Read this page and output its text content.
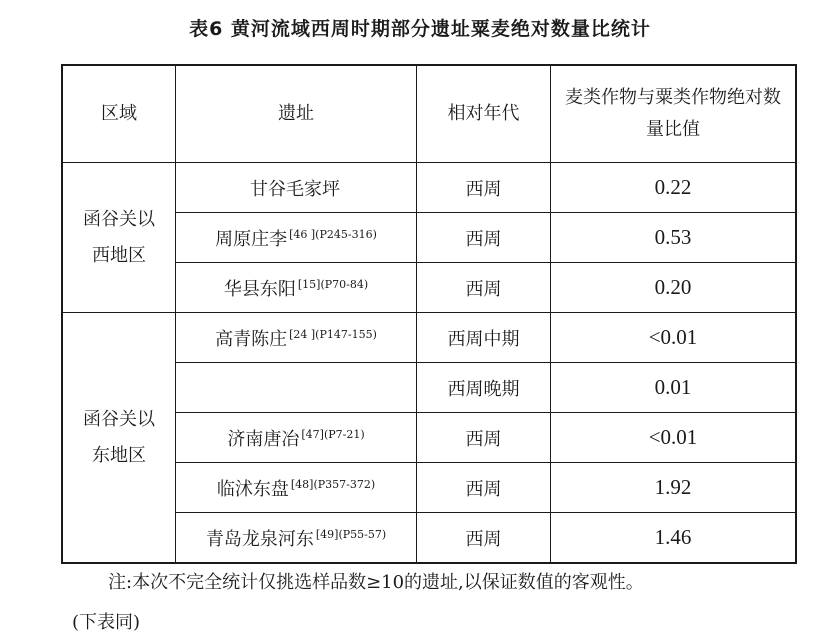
表6 黄河流域西周时期部分遗址粟麦绝对数量比统计
区域	遗址	相对年代	麦类作物与粟类作物绝对数量比值

函谷关以西地区	甘谷毛家坪	西周	0.22
	周原庄李 $^{[46 ](P245-316)}$	西周	0.53
	华县东阳 $^{[15](P70-84)}$	西周	0.20

函谷关以东地区	高青陈庄 $^{[24 ](P147-155)}$	西周中期	<0.01
		西周晚期	0.01
	济南唐冶 $^{[47](P7-21)}$	西周	<0.01
	临沭东盘 $^{[48](P357-372)}$	西周	1.92
	青岛龙泉河东 $^{[49](P55-57)}$	西周	1.46
注:本次不完全统计仅挑选样品数≥10的遗址,以保证数值的客观性。
(下表同)
